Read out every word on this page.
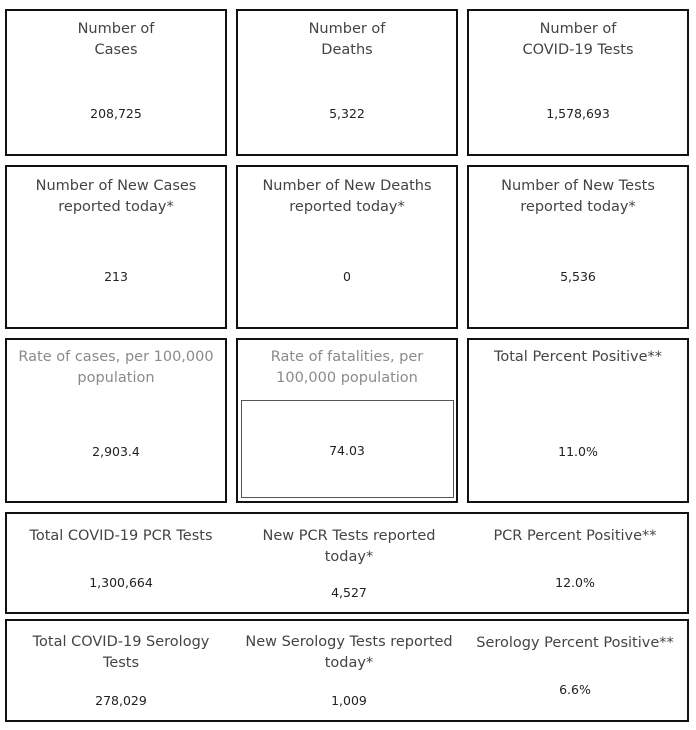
Number of
Cases
208,725
Number of
Deaths
5,322
Number of
COVID-19 Tests
1,578,693
Number of New Cases
reported today*
213
Number of New Deaths
reported today*
0
Number of New Tests
reported today*
5,536
Rate of cases, per 100,000
population
2,903.4
Rate of fatalities, per
100,000 population
74.03
Total Percent Positive**
11.0%
Total COVID-19 PCR Tests
1,300,664
New PCR Tests reported
today*
4,527
PCR Percent Positive**
12.0%
Total COVID-19 Serology
Tests
278,029
New Serology Tests reported
today*
1,009
Serology Percent Positive**
6.6%
